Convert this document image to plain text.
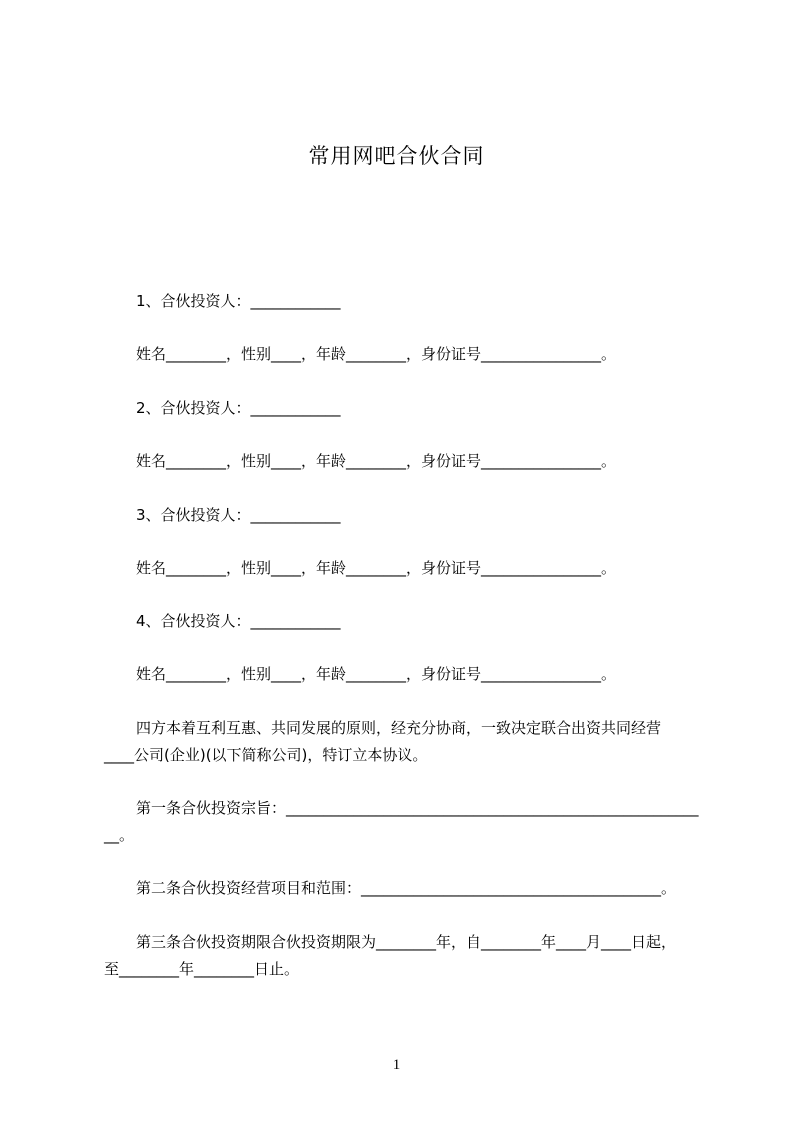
常用网吧合伙合同
1、合伙投资人：____________
姓名________，性别____，年龄________，身份证号________________。
2、合伙投资人：____________
姓名________，性别____，年龄________，身份证号________________。
3、合伙投资人：____________
姓名________，性别____，年龄________，身份证号________________。
4、合伙投资人：____________
姓名________，性别____，年龄________，身份证号________________。
四方本着互利互惠、共同发展的原则，经充分协商，一致决定联合出资共同经营
____公司(企业)(以下简称公司)，特订立本协议。
第一条合伙投资宗旨：_______________________________________________________
__。
第二条合伙投资经营项目和范围：________________________________________。
第三条合伙投资期限合伙投资期限为________年，自________年____月____日起，
至________年________日止。
1
